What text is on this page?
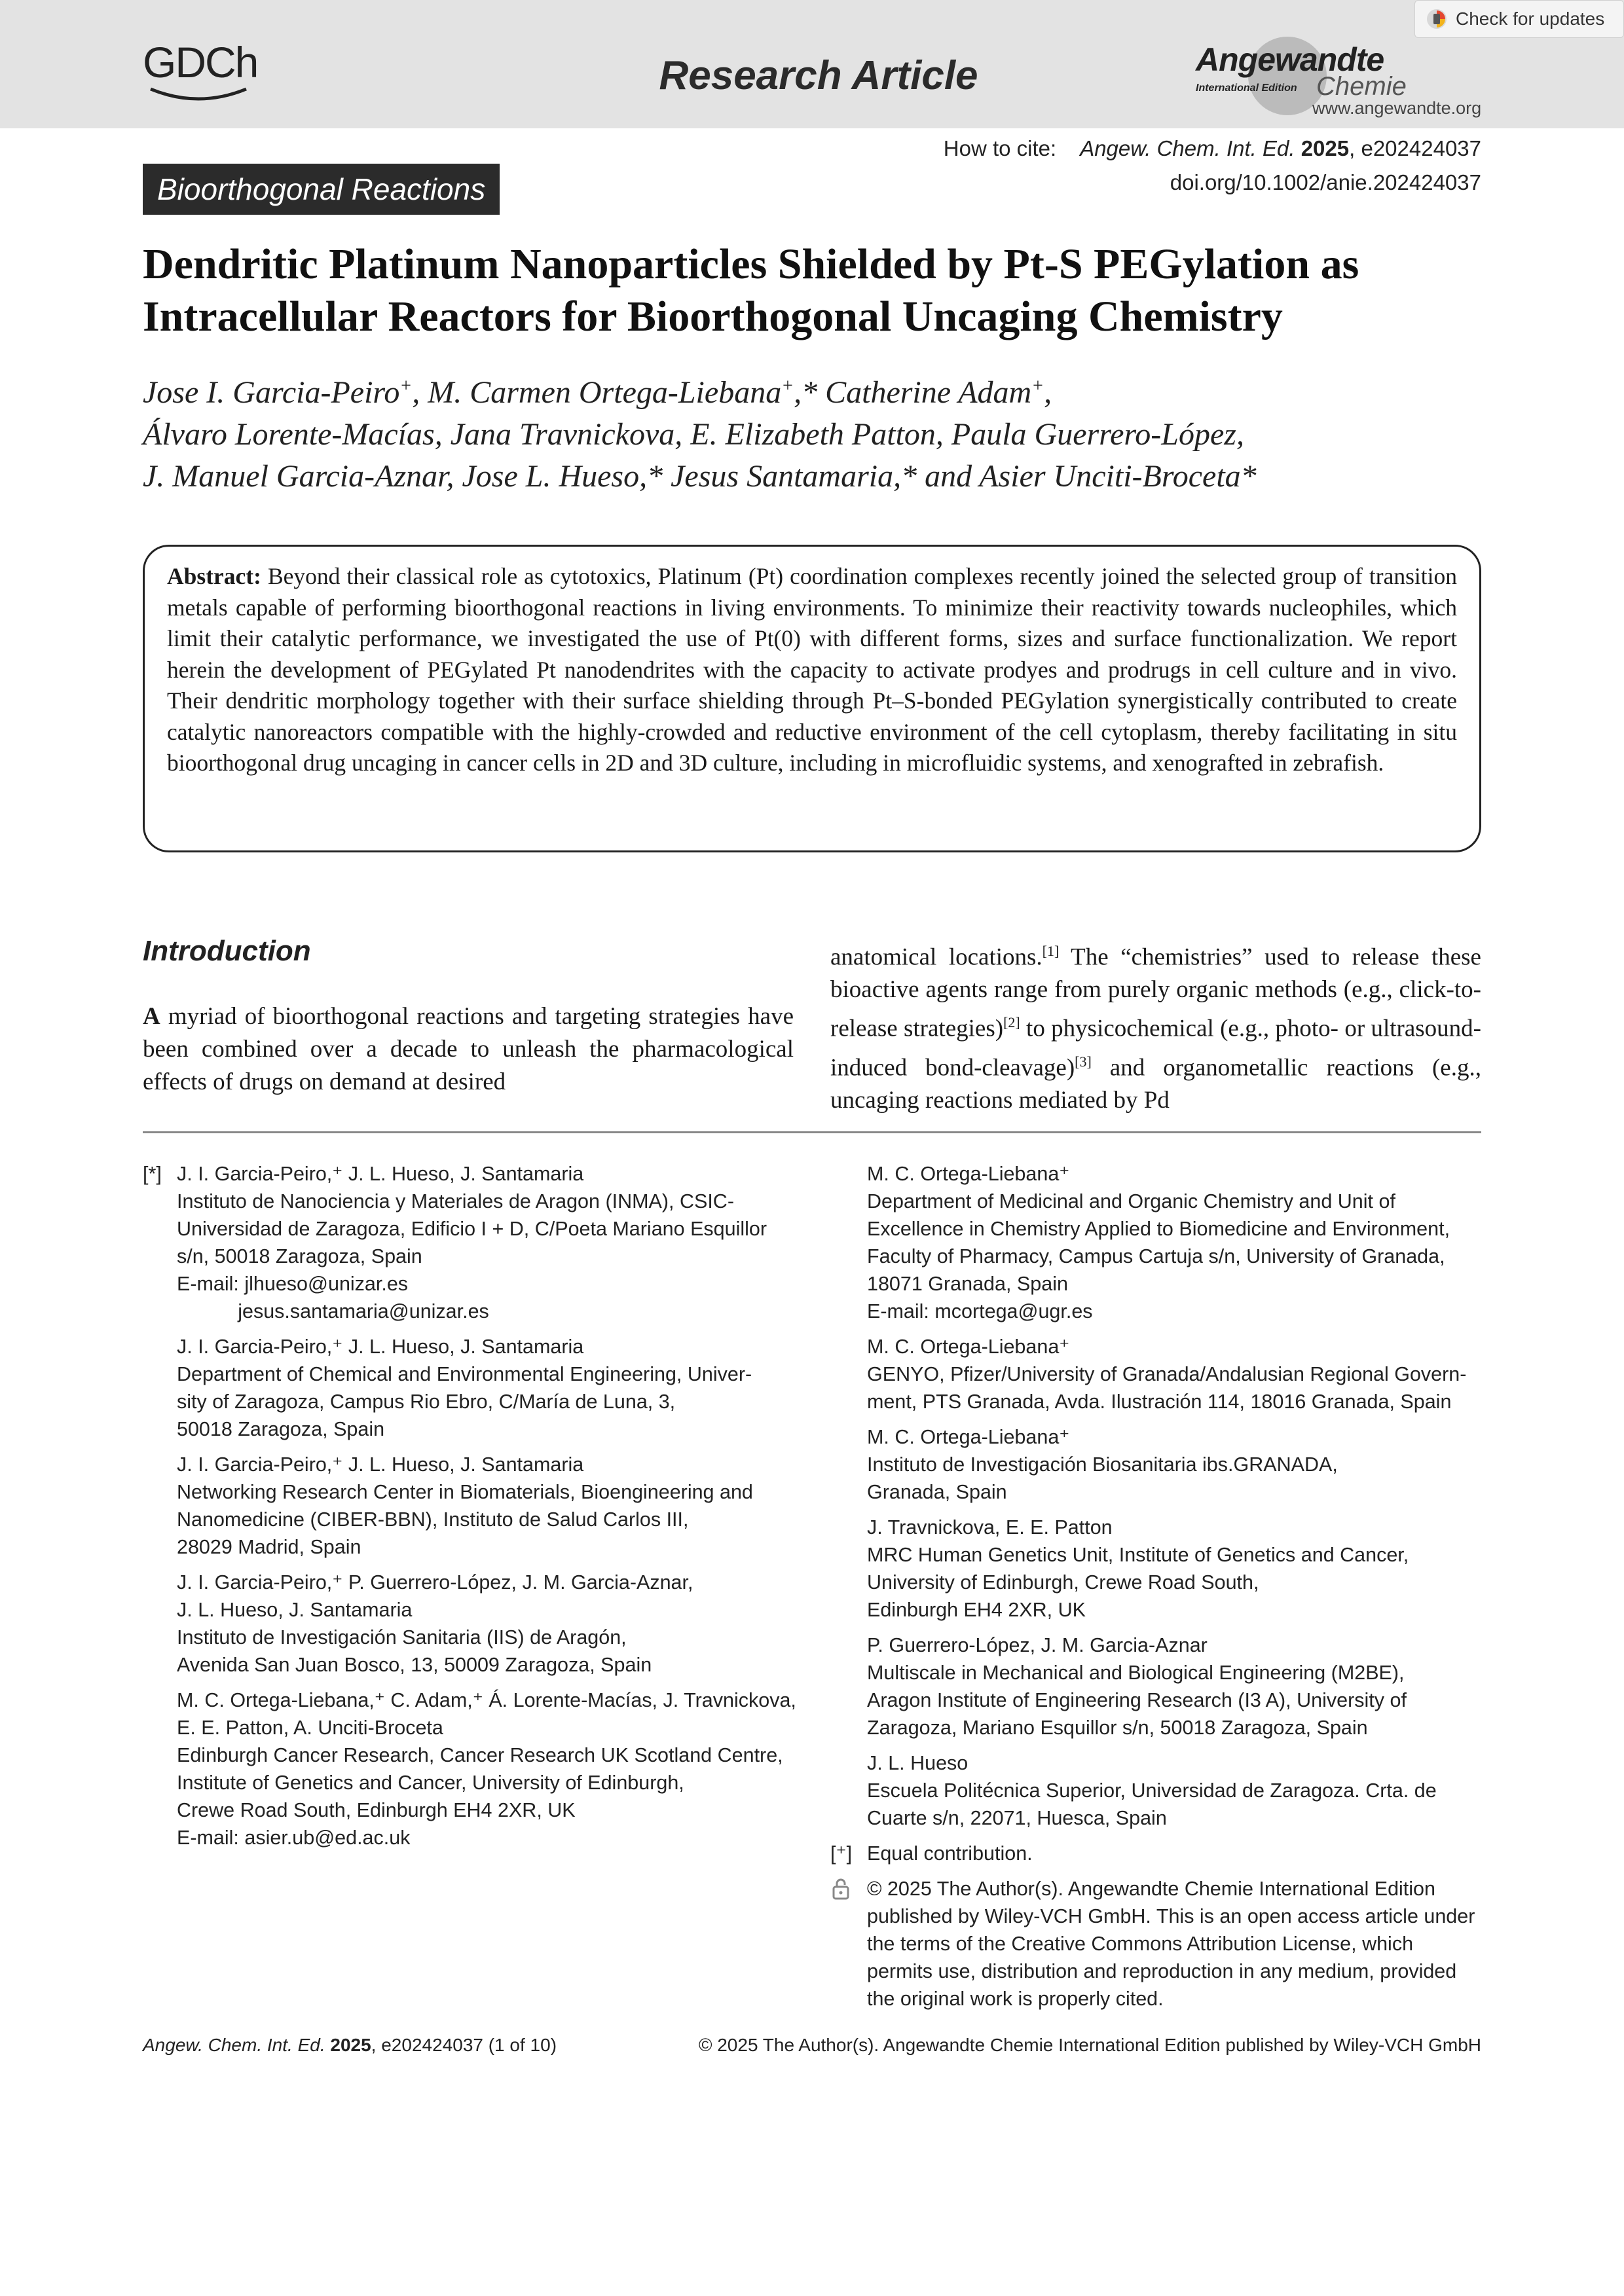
GDCh	Research Article	Angewandte
International Edition Chemie
www.angewandte.org
Check for updates
Bioorthogonal Reactions
How to cite: Angew. Chem. Int. Ed. 2025, e202424037
doi.org/10.1002/anie.202424037
Dendritic Platinum Nanoparticles Shielded by Pt-S PEGylation as Intracellular Reactors for Bioorthogonal Uncaging Chemistry
Jose I. Garcia-Peiro+, M. Carmen Ortega-Liebana+,* Catherine Adam+,
Álvaro Lorente-Macías, Jana Travnickova, E. Elizabeth Patton, Paula Guerrero-López,
J. Manuel Garcia-Aznar, Jose L. Hueso,* Jesus Santamaria,* and Asier Unciti-Broceta*
Abstract: Beyond their classical role as cytotoxics, Platinum (Pt) coordination complexes recently joined the selected group of transition metals capable of performing bioorthogonal reactions in living environments. To minimize their reactivity towards nucleophiles, which limit their catalytic performance, we investigated the use of Pt(0) with different forms, sizes and surface functionalization. We report herein the development of PEGylated Pt nanodendrites with the capacity to activate prodyes and prodrugs in cell culture and in vivo. Their dendritic morphology together with their surface shielding through Pt–S-bonded PEGylation synergistically contributed to create catalytic nanoreactors compatible with the highly-crowded and reductive environment of the cell cytoplasm, thereby facilitating in situ bioorthogonal drug uncaging in cancer cells in 2D and 3D culture, including in microfluidic systems, and xenografted in zebrafish.
Introduction
A myriad of bioorthogonal reactions and targeting strategies have been combined over a decade to unleash the pharmacological effects of drugs on demand at desired
anatomical locations.[1] The “chemistries” used to release these bioactive agents range from purely organic methods (e.g., click-to-release strategies)[2] to physicochemical (e.g., photo- or ultrasound-induced bond-cleavage)[3] and organometallic reactions (e.g., uncaging reactions mediated by Pd
[*] J. I. Garcia-Peiro,⁺ J. L. Hueso, J. Santamaria
Instituto de Nanociencia y Materiales de Aragon (INMA), CSIC-
Universidad de Zaragoza, Edificio I + D, C/Poeta Mariano Esquillor
s/n, 50018 Zaragoza, Spain
E-mail: jlhueso@unizar.es
jesus.santamaria@unizar.es
J. I. Garcia-Peiro,⁺ J. L. Hueso, J. Santamaria
Department of Chemical and Environmental Engineering, Univer-
sity of Zaragoza, Campus Rio Ebro, C/María de Luna, 3,
50018 Zaragoza, Spain
J. I. Garcia-Peiro,⁺ J. L. Hueso, J. Santamaria
Networking Research Center in Biomaterials, Bioengineering and
Nanomedicine (CIBER-BBN), Instituto de Salud Carlos III,
28029 Madrid, Spain
J. I. Garcia-Peiro,⁺ P. Guerrero-López, J. M. Garcia-Aznar,
J. L. Hueso, J. Santamaria
Instituto de Investigación Sanitaria (IIS) de Aragón,
Avenida San Juan Bosco, 13, 50009 Zaragoza, Spain
M. C. Ortega-Liebana,⁺ C. Adam,⁺ Á. Lorente-Macías, J. Travnickova,
E. E. Patton, A. Unciti-Broceta
Edinburgh Cancer Research, Cancer Research UK Scotland Centre,
Institute of Genetics and Cancer, University of Edinburgh,
Crewe Road South, Edinburgh EH4 2XR, UK
E-mail: asier.ub@ed.ac.uk
M. C. Ortega-Liebana⁺
Department of Medicinal and Organic Chemistry and Unit of
Excellence in Chemistry Applied to Biomedicine and Environment,
Faculty of Pharmacy, Campus Cartuja s/n, University of Granada,
18071 Granada, Spain
E-mail: mcortega@ugr.es
M. C. Ortega-Liebana⁺
GENYO, Pfizer/University of Granada/Andalusian Regional Govern-
ment, PTS Granada, Avda. Ilustración 114, 18016 Granada, Spain
M. C. Ortega-Liebana⁺
Instituto de Investigación Biosanitaria ibs.GRANADA,
Granada, Spain
J. Travnickova, E. E. Patton
MRC Human Genetics Unit, Institute of Genetics and Cancer,
University of Edinburgh, Crewe Road South,
Edinburgh EH4 2XR, UK
P. Guerrero-López, J. M. Garcia-Aznar
Multiscale in Mechanical and Biological Engineering (M2BE),
Aragon Institute of Engineering Research (I3 A), University of
Zaragoza, Mariano Esquillor s/n, 50018 Zaragoza, Spain
J. L. Hueso
Escuela Politécnica Superior, Universidad de Zaragoza. Crta. de
Cuarte s/n, 22071, Huesca, Spain
[⁺] Equal contribution.
© 2025 The Author(s). Angewandte Chemie International Edition
published by Wiley-VCH GmbH. This is an open access article under
the terms of the Creative Commons Attribution License, which
permits use, distribution and reproduction in any medium, provided
the original work is properly cited.
Angew. Chem. Int. Ed. 2025, e202424037 (1 of 10)	© 2025 The Author(s). Angewandte Chemie International Edition published by Wiley-VCH GmbH
